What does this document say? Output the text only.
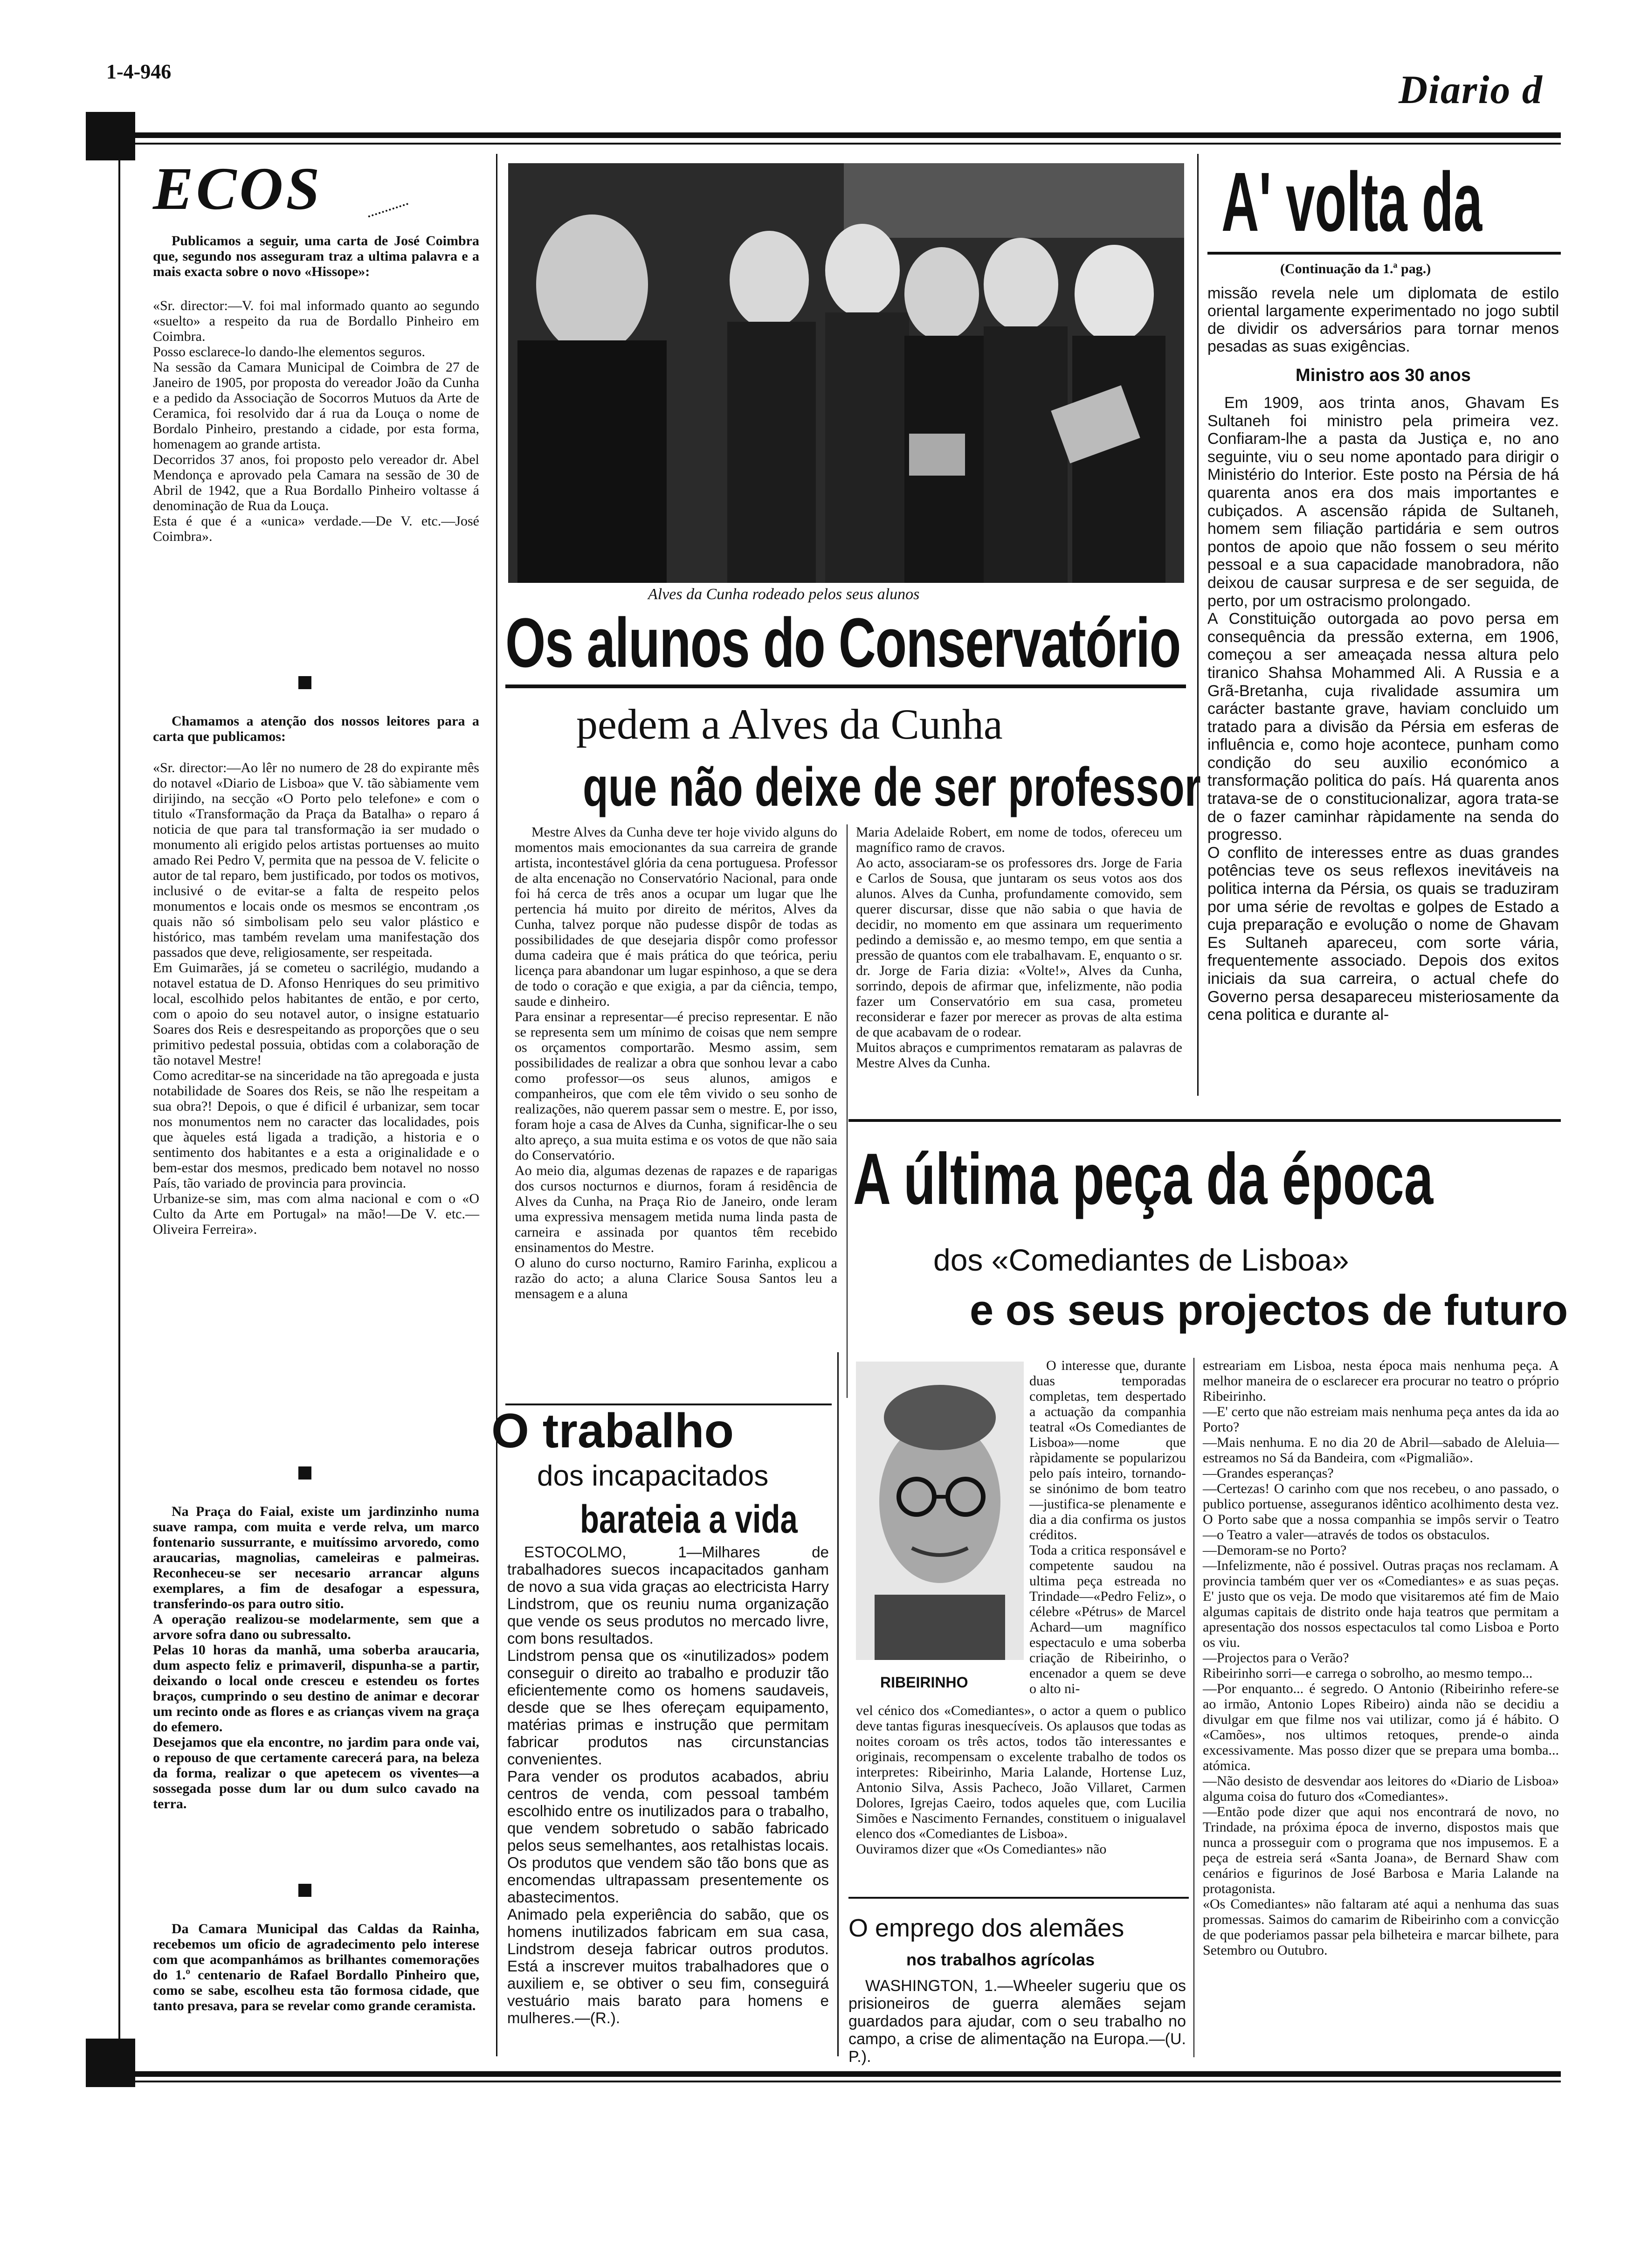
1-4-946	Diario d
ECOS

Publicamos a seguir, uma carta de José Coimbra que, segundo nos asseguram traz a ultima palavra e a mais exacta sobre o novo «Hissope»:

«Sr. director:—V. foi mal informado quanto ao segundo «suelto» a respeito da rua de Bordallo Pinheiro em Coimbra.
Posso esclarece-lo dando-lhe elementos seguros.
Na sessão da Camara Municipal de Coimbra de 27 de Janeiro de 1905, por proposta do vereador João da Cunha e a pedido da Associação de Socorros Mutuos da Arte de Ceramica, foi resolvido dar á rua da Louça o nome de Bordalo Pinheiro, prestando a cidade, por esta forma, homenagem ao grande artista.
Decorridos 37 anos, foi proposto pelo vereador dr. Abel Mendonça e aprovado pela Camara na sessão de 30 de Abril de 1942, que a Rua Bordallo Pinheiro voltasse á denominação de Rua da Louça.
Esta é que é a «unica» verdade.—De V. etc.—José Coimbra».

Chamamos a atenção dos nossos leitores para a carta que publicamos:

«Sr. director:—Ao lêr no numero de 28 do expirante mês do notavel «Diario de Lisboa» que V. tão sàbiamente vem dirijindo, na secção «O Porto pelo telefone» e com o titulo «Transformação da Praça da Batalha» o reparo á noticia de que para tal transformação ia ser mudado o monumento ali erigido pelos artistas portuenses ao muito amado Rei Pedro V, permita que na pessoa de V. felicite o autor de tal reparo, bem justificado, por todos os motivos, inclusivé o de evitar-se a falta de respeito pelos monumentos e locais onde os mesmos se encontram ,os quais não só simbolisam pelo seu valor plástico e histórico, mas também revelam uma manifestação dos passados que deve, religiosamente, ser respeitada.
Em Guimarães, já se cometeu o sacrilégio, mudando a notavel estatua de D. Afonso Henriques do seu primitivo local, escolhido pelos habitantes de então, e por certo, com o apoio do seu notavel autor, o insigne estatuario Soares dos Reis e desrespeitando as proporções que o seu primitivo pedestal possuia, obtidas com a colaboração de tão notavel Mestre!
Como acreditar-se na sinceridade na tão apregoada e justa notabilidade de Soares dos Reis, se não lhe respeitam a sua obra?! Depois, o que é dificil é urbanizar, sem tocar nos monumentos nem no caracter das localidades, pois que àqueles está ligada a tradição, a historia e o sentimento dos habitantes e a esta a originalidade e o bem-estar dos mesmos, predicado bem notavel no nosso País, tão variado de provincia para provincia.
Urbanize-se sim, mas com alma nacional e com o «O Culto da Arte em Portugal» na mão!—De V. etc.—Oliveira Ferreira».

Na Praça do Faial, existe um jardinzinho numa suave rampa, com muita e verde relva, um marco fontenario sussurrante, e muitíssimo arvoredo, como araucarias, magnolias, cameleiras e palmeiras. Reconheceu-se ser necesario arrancar alguns exemplares, a fim de desafogar a espessura, transferindo-os para outro sitio.
A operação realizou-se modelarmente, sem que a arvore sofra dano ou subressalto.
Pelas 10 horas da manhã, uma soberba araucaria, dum aspecto feliz e primaveril, dispunha-se a partir, deixando o local onde cresceu e estendeu os fortes braços, cumprindo o seu destino de animar e decorar um recinto onde as flores e as crianças vivem na graça do efemero.
Desejamos que ela encontre, no jardim para onde vai, o repouso de que certamente carecerá para, na beleza da forma, realizar o que apetecem os viventes—a sossegada posse dum lar ou dum sulco cavado na terra.

Da Camara Municipal das Caldas da Rainha, recebemos um oficio de agradecimento pelo interese com que acompanhámos as brilhantes comemorações do 1.º centenario de Rafael Bordallo Pinheiro que, como se sabe, escolheu esta tão formosa cidade, que tanto presava, para se revelar como grande ceramista.

Alves da Cunha rodeado pelos seus alunos
Os alunos do Conservatório
pedem a Alves da Cunha
que não deixe de ser professor

Mestre Alves da Cunha deve ter hoje vivido alguns do momentos mais emocionantes da sua carreira de grande artista, incontestável glória da cena portuguesa. Professor de alta encenação no Conservatório Nacional, para onde foi há cerca de três anos a ocupar um lugar que lhe pertencia há muito por direito de méritos, Alves da Cunha, talvez porque não pudesse dispôr de todas as possibilidades de que desejaria dispôr como professor duma cadeira que é mais prática do que teórica, periu licença para abandonar um lugar espinhoso, a que se dera de todo o coração e que exigia, a par da ciência, tempo, saude e dinheiro.
Para ensinar a representar—é preciso representar. E não se representa sem um mínimo de coisas que nem sempre os orçamentos comportarão. Mesmo assim, sem possibilidades de realizar a obra que sonhou levar a cabo como professor—os seus alunos, amigos e companheiros, que com ele têm vivido o seu sonho de realizações, não querem passar sem o mestre. E, por isso, foram hoje a casa de Alves da Cunha, significar-lhe o seu alto apreço, a sua muita estima e os votos de que não saia do Conservatório.
Ao meio dia, algumas dezenas de rapazes e de raparigas dos cursos nocturnos e diurnos, foram á residência de Alves da Cunha, na Praça Rio de Janeiro, onde leram uma expressiva mensagem metida numa linda pasta de carneira e assinada por quantos têm recebido ensinamentos do Mestre.
O aluno do curso nocturno, Ramiro Farinha, explicou a razão do acto; a aluna Clarice Sousa Santos leu a mensagem e a aluna

Maria Adelaide Robert, em nome de todos, ofereceu um magnífico ramo de cravos.
Ao acto, associaram-se os professores drs. Jorge de Faria e Carlos de Sousa, que juntaram os seus votos aos dos alunos. Alves da Cunha, profundamente comovido, sem querer discursar, disse que não sabia o que havia de decidir, no momento em que assinara um requerimento pedindo a demissão e, ao mesmo tempo, em que sentia a pressão de quantos com ele trabalhavam. E, enquanto o sr. dr. Jorge de Faria dizia: «Volte!», Alves da Cunha, sorrindo, depois de afirmar que, infelizmente, não podia fazer um Conservatório em sua casa, prometeu reconsiderar e fazer por merecer as provas de alta estima de que acabavam de o rodear.
Muitos abraços e cumprimentos remataram as palavras de Mestre Alves da Cunha.

O trabalho
dos incapacitados
barateia a vida

ESTOCOLMO, 1—Milhares de trabalhadores suecos incapacitados ganham de novo a sua vida graças ao electricista Harry Lindstrom, que os reuniu numa organização que vende os seus produtos no mercado livre, com bons resultados.
Lindstrom pensa que os «inutilizados» podem conseguir o direito ao trabalho e produzir tão eficientemente como os homens saudaveis, desde que se lhes ofereçam equipamento, matérias primas e instrução que permitam fabricar produtos nas circunstancias convenientes.
Para vender os produtos acabados, abriu centros de venda, com pessoal também escolhido entre os inutilizados para o trabalho, que vendem sobretudo o sabão fabricado pelos seus semelhantes, aos retalhistas locais. Os produtos que vendem são tão bons que as encomendas ultrapassam presentemente os abastecimentos.
Animado pela experiência do sabão, que os homens inutilizados fabricam em sua casa, Lindstrom deseja fabricar outros produtos. Está a inscrever muitos trabalhadores que o auxiliem e, se obtiver o seu fim, conseguirá vestuário mais barato para homens e mulheres.—(R.).

A' volta da
(Continuação da 1.ª pag.)

missão revela nele um diplomata de estilo oriental largamente experimentado no jogo subtil de dividir os adversários para tornar menos pesadas as suas exigências.

Ministro aos 30 anos

Em 1909, aos trinta anos, Ghavam Es Sultaneh foi ministro pela primeira vez. Confiaram-lhe a pasta da Justiça e, no ano seguinte, viu o seu nome apontado para dirigir o Ministério do Interior. Este posto na Pérsia de há quarenta anos era dos mais importantes e cubiçados. A ascensão rápida de Sultaneh, homem sem filiação partidária e sem outros pontos de apoio que não fossem o seu mérito pessoal e a sua capacidade manobradora, não deixou de causar surpresa e de ser seguida, de perto, por um ostracismo prolongado.
A Constituição outorgada ao povo persa em consequência da pressão externa, em 1906, começou a ser ameaçada nessa altura pelo tiranico Shahsa Mohammed Ali. A Russia e a Grã-Bretanha, cuja rivalidade assumira um carácter bastante grave, haviam concluido um tratado para a divisão da Pérsia em esferas de influência e, como hoje acontece, punham como condição do seu auxilio económico a transformação politica do país. Há quarenta anos tratava-se de o constitucionalizar, agora trata-se de o fazer caminhar ràpidamente na senda do progresso.
O conflito de interesses entre as duas grandes potências teve os seus reflexos inevitáveis na politica interna da Pérsia, os quais se traduziram por uma série de revoltas e golpes de Estado a cuja preparação e evolução o nome de Ghavam Es Sultaneh apareceu, com sorte vária, frequentemente associado. Depois dos exitos iniciais da sua carreira, o actual chefe do Governo persa desapareceu misteriosamente da cena politica e durante al-

A última peça da época
dos «Comediantes de Lisboa»
e os seus projectos de futuro
RIBEIRINHO

O interesse que, durante duas temporadas completas, tem despertado a actuação da companhia teatral «Os Comediantes de Lisboa»—nome que ràpidamente se popularizou pelo país inteiro, tornando-se sinónimo de bom teatro—justifica-se plenamente e dia a dia confirma os justos créditos.
Toda a critica responsável e competente saudou na ultima peça estreada no Trindade—«Pedro Feliz», o célebre «Pétrus» de Marcel Achard—um magnífico espectaculo e uma soberba criação de Ribeirinho, o encenador a quem se deve o alto ni-

vel cénico dos «Comediantes», o actor a quem o publico deve tantas figuras inesquecíveis. Os aplausos que todas as noites coroam os três actos, todos tão interessantes e originais, recompensam o excelente trabalho de todos os interpretes: Ribeirinho, Maria Lalande, Hortense Luz, Antonio Silva, Assis Pacheco, João Villaret, Carmen Dolores, Igrejas Caeiro, todos aqueles que, com Lucilia Simões e Nascimento Fernandes, constituem o inigualavel elenco dos «Comediantes de Lisboa».
Ouviramos dizer que «Os Comediantes» não

estreariam em Lisboa, nesta época mais nenhuma peça. A melhor maneira de o esclarecer era procurar no teatro o próprio Ribeirinho.
—E' certo que não estreiam mais nenhuma peça antes da ida ao Porto?
—Mais nenhuma. E no dia 20 de Abril—sabado de Aleluia—estreamos no Sá da Bandeira, com «Pigmalião».
—Grandes esperanças?
—Certezas! O carinho com que nos recebeu, o ano passado, o publico portuense, asseguranos idêntico acolhimento desta vez. O Porto sabe que a nossa companhia se impôs servir o Teatro—o Teatro a valer—através de todos os obstaculos.
—Demoram-se no Porto?
—Infelizmente, não é possivel. Outras praças nos reclamam. A provincia também quer ver os «Comediantes» e as suas peças. E' justo que os veja. De modo que visitaremos até fim de Maio algumas capitais de distrito onde haja teatros que permitam a apresentação dos nossos espectaculos tal como Lisboa e Porto os viu.
—Projectos para o Verão?
Ribeirinho sorri—e carrega o sobrolho, ao mesmo tempo...
—Por enquanto... é segredo. O Antonio (Ribeirinho refere-se ao irmão, Antonio Lopes Ribeiro) ainda não se decidiu a divulgar em que filme nos vai utilizar, como já é hábito. O «Camões», nos ultimos retoques, prende-o ainda excessivamente. Mas posso dizer que se prepara uma bomba... atómica.
—Não desisto de desvendar aos leitores do «Diario de Lisboa» alguma coisa do futuro dos «Comediantes».
—Então pode dizer que aqui nos encontrará de novo, no Trindade, na próxima época de inverno, dispostos mais que nunca a prosseguir com o programa que nos impusemos. E a peça de estreia será «Santa Joana», de Bernard Shaw com cenários e figurinos de José Barbosa e Maria Lalande na protagonista.
«Os Comediantes» não faltaram até aqui a nenhuma das suas promessas. Saimos do camarim de Ribeirinho com a convicção de que poderiamos passar pela bilheteira e marcar bilhete, para Setembro ou Outubro.

O emprego dos alemães
nos trabalhos agrícolas

WASHINGTON, 1.—Wheeler sugeriu que os prisioneiros de guerra alemães sejam guardados para ajudar, com o seu trabalho no campo, a crise de alimentação na Europa.—(U. P.).
